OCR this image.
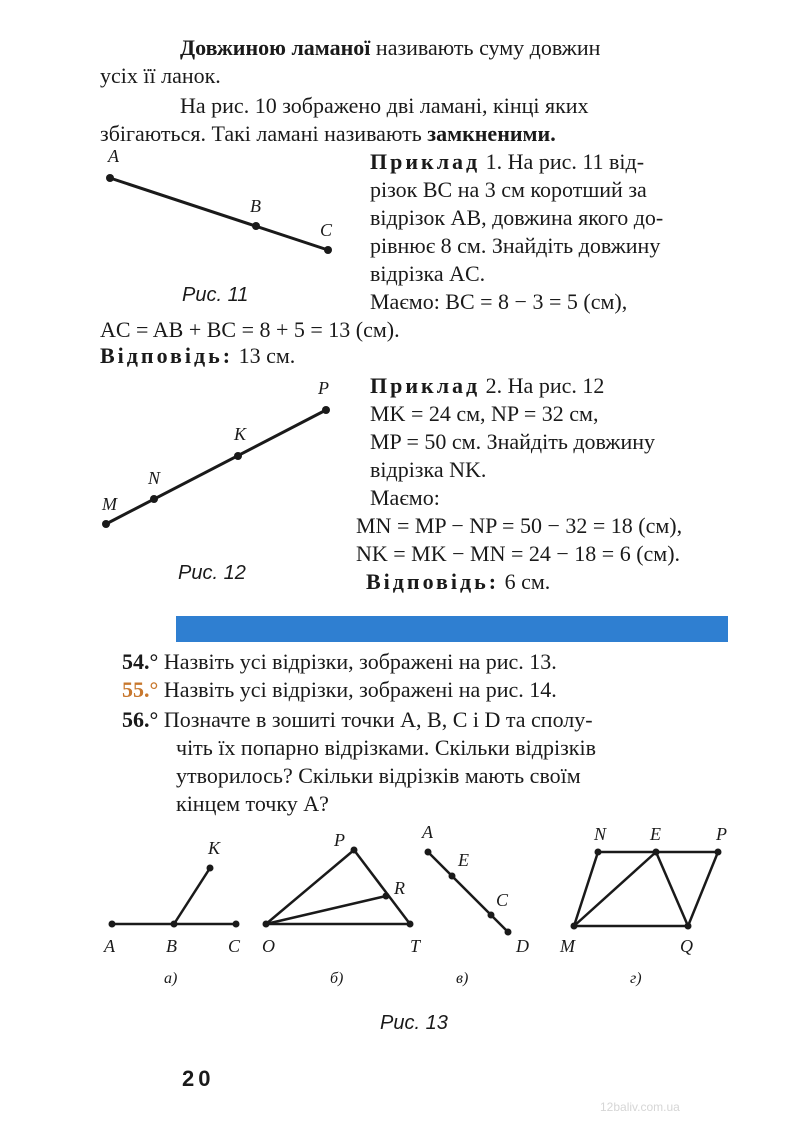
Довжиною ламаної називають суму довжин
усіх її ланок.
На рис. 10 зображено дві ламані, кінці яких
збігаються. Такі ламані називають замкненими.
Приклад 1. На рис. 11 від-
різок BC на 3 см коротший за
відрізок AB, довжина якого до-
рівнює 8 см. Знайдіть довжину
відрізка AC.
Маємо: BC = 8 − 3 = 5 (см),
AC = AB + BC = 8 + 5 = 13 (см).
Відповідь: 13 см.
A
B
C
Рис. 11
Приклад 2. На рис. 12
MK = 24 см, NP = 32 см,
MP = 50 см. Знайдіть довжину
відрізка NK.
Маємо:
MN = MP − NP = 50 − 32 = 18 (см),
NK = MK − MN = 24 − 18 = 6 (см).
Відповідь: 6 см.
M
N
K
P
Рис. 12
54.° Назвіть усі відрізки, зображені на рис. 13.
55.° Назвіть усі відрізки, зображені на рис. 14.
56.° Позначте в зошиті точки A, B, C і D та сполу-
чіть їх попарно відрізками. Скільки відрізків
утворилось? Скільки відрізків мають своїм
кінцем точку A?
K
A	B	C
а)
P
R
O	T
б)
A
E
C
D
в)
N E	P
M	Q
г)
Рис. 13
20
12baliv.com.ua
